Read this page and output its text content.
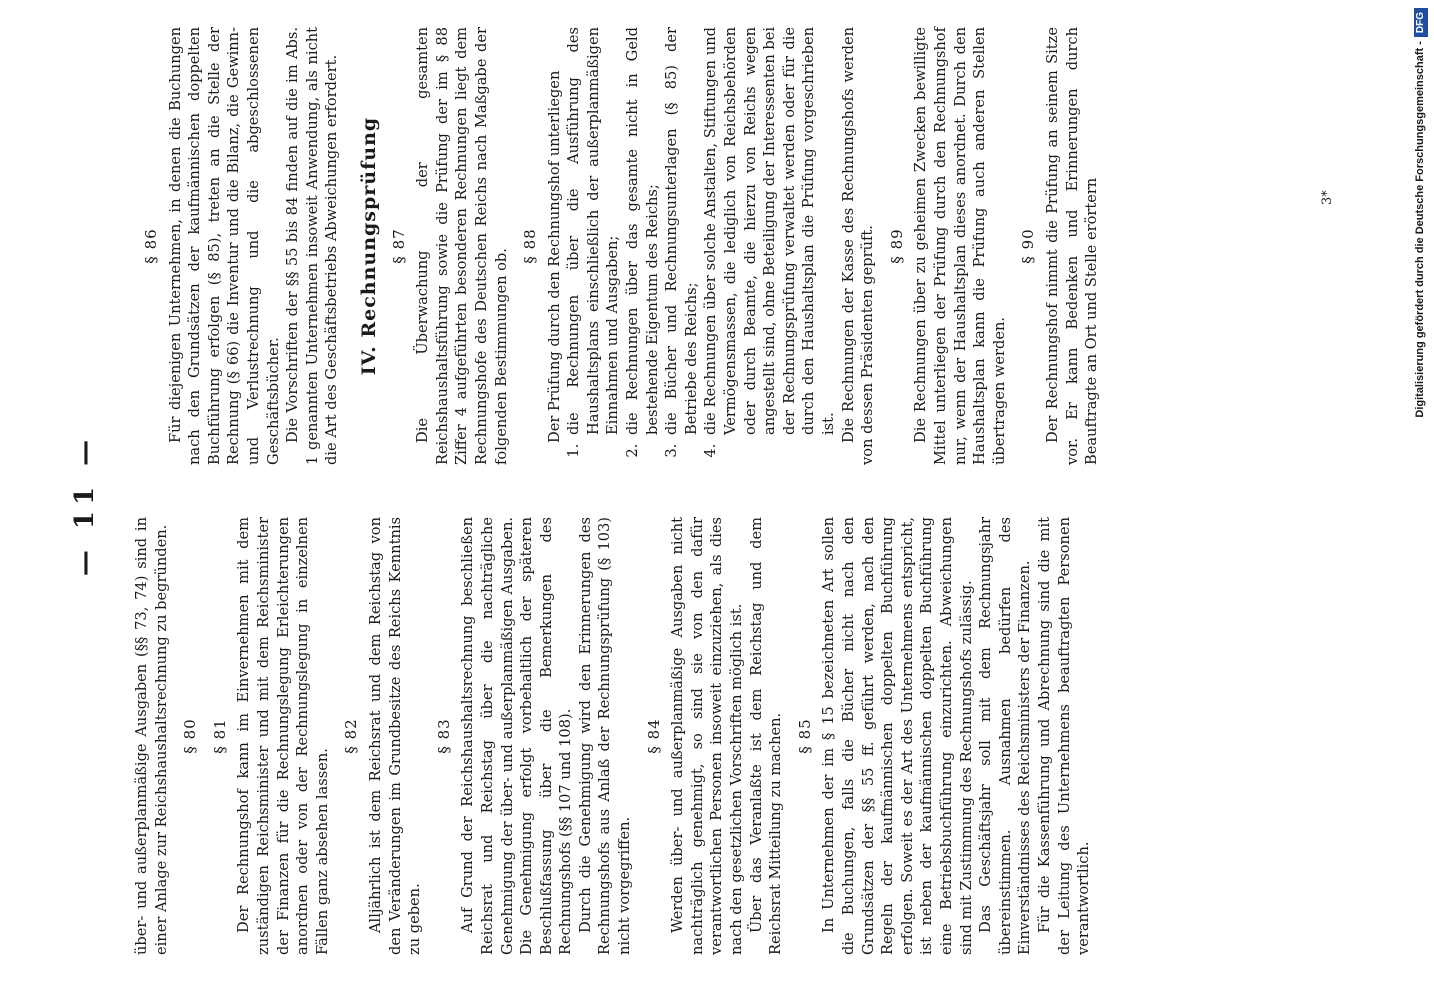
— 11 —

über- und außerplanmäßige Ausgaben (§§ 73, 74) sind in einer Anlage zur Reichshaushaltsrechnung zu begründen. § 80 § 81 Der Rechnungshof kann im Einvernehmen mit dem zuständigen Reichsminister und mit dem Reichsminister der Finanzen für die Rechnungslegung Erleichterungen anordnen oder von der Rechnungslegung in einzelnen Fällen ganz absehen lassen.

§ 82 Alljährlich ist dem Reichsrat und dem Reichstag von den Veränderungen im Grundbesitze des Reichs Kenntnis zu geben.

§ 83 Auf Grund der Reichshaushaltsrechnung beschließen Reichsrat und Reichstag über die nachträgliche Genehmigung der über- und außerplanmäßigen Ausgaben. Die Genehmigung erfolgt vorbehaltlich der späteren Beschlußfassung über die Bemerkungen des Rechnungshofs (§§ 107 und 108). Durch die Genehmigung wird den Erinnerungen des Rechnungshofs aus Anlaß der Rechnungsprüfung (§ 103) nicht vorgegriffen.

§ 84 Werden über- und außerplanmäßige Ausgaben nicht nachträglich genehmigt, so sind sie von den dafür verantwortlichen Personen insoweit einzuziehen, als dies nach den gesetzlichen Vorschriften möglich ist. Über das Veranlaßte ist dem Reichstag und dem Reichsrat Mitteilung zu machen. § 85 In Unternehmen der im § 15 bezeichneten Art sollen die Buchungen, falls die Bücher nicht nach den Grundsätzen der §§ 55 ff. geführt werden, nach den Regeln der kaufmännischen doppelten Buchführung erfolgen. Soweit es der Art des Unternehmens entspricht, ist neben der kaufmännischen doppelten Buchführung eine Betriebsbuchführung einzurichten. Abweichungen sind mit Zustimmung des Rechnungshofs zulässig. Das Geschäftsjahr soll mit dem Rechnungsjahr übereinstimmen. Ausnahmen bedürfen des Einverständnisses des Reichsministers der Finanzen. Für die Kassenführung und Abrechnung sind die mit der Leitung des Unternehmens beauftragten Personen verantwortlich.

§ 86 Für diejenigen Unternehmen, in denen die Buchungen nach den Grundsätzen der kaufmännischen doppelten Buchführung erfolgen (§ 85), treten an die Stelle der Rechnung (§ 66) die Inventur und die Bilanz, die Gewinn- und Verlustrechnung und die abgeschlossenen Geschäftsbücher. Die Vorschriften der §§ 55 bis 84 finden auf die im Abs. 1 genannten Unternehmen insoweit Anwendung, als nicht die Art des Geschäftsbetriebs Abweichungen erfordert. IV. Rechnungsprüfung § 87 Die Überwachung der gesamten Reichshaushaltsführung sowie die Prüfung der im § 88 Ziffer 4 aufgeführten besonderen Rechnungen liegt dem Rechnungshofe des Deutschen Reichs nach Maßgabe der folgenden Bestimmungen ob.

§ 88 Der Prüfung durch den Rechnungshof unterliegen 1. die Rechnungen über die Ausführung des Haushaltsplans einschließlich der außerplanmäßigen Einnahmen und Ausgaben; 2. die Rechnungen über das gesamte nicht in Geld bestehende Eigentum des Reichs; 3. die Bücher und Rechnungsunterlagen (§ 85) der Betriebe des Reichs; 4. die Rechnungen über solche Anstalten, Stiftungen und Vermögensmassen, die lediglich von Reichsbehörden oder durch Beamte, die hierzu von Reichs wegen angestellt sind, ohne Beteiligung der Interessenten bei der Rechnungsprüfung verwaltet werden oder für die durch den Haushaltsplan die Prüfung vorgeschrieben ist. Die Rechnungen der Kasse des Rechnungshofs werden von dessen Präsidenten geprüft. § 89 Die Rechnungen über zu geheimen Zwecken bewilligte Mittel unterliegen der Prüfung durch den Rechnungshof nur, wenn der Haushaltsplan dieses anordnet. Durch den Haushaltsplan kann die Prüfung auch anderen Stellen übertragen werden.

§ 90 Der Rechnungshof nimmt die Prüfung an seinem Sitze vor. Er kann Bedenken und Erinnerungen durch Beauftragte an Ort und Stelle erörtern	3*	Digitalisierung gefördert durch die Deutsche Forschungsgemeinschaft -DFG
